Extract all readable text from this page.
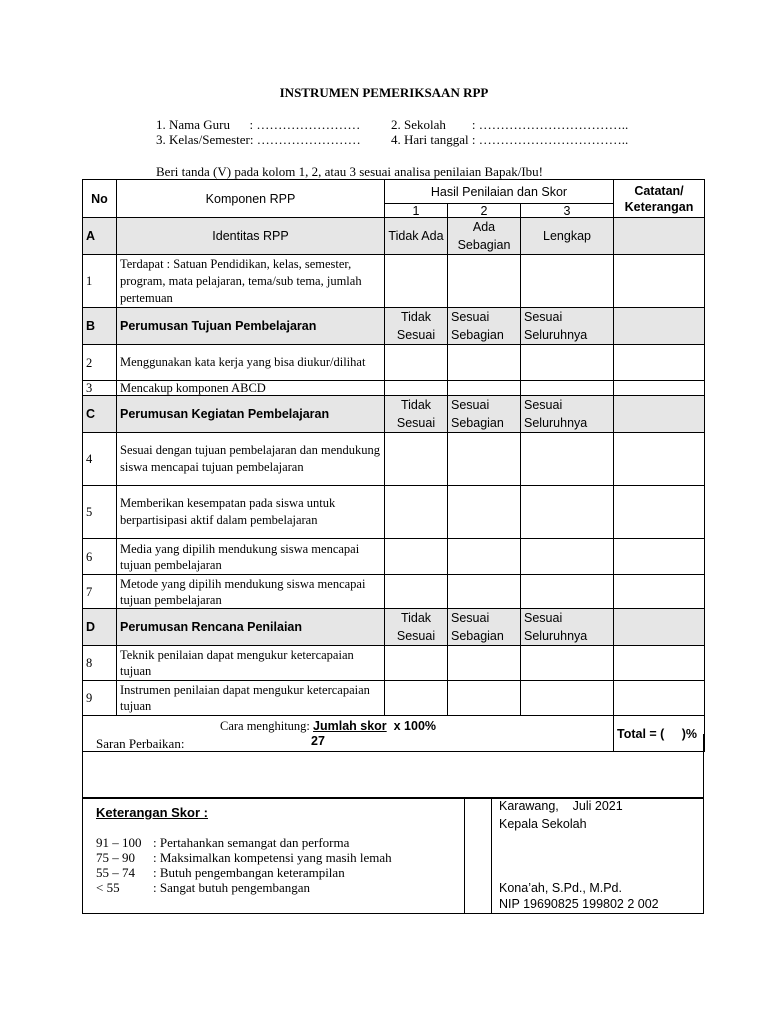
INSTRUMEN PEMERIKSAAN RPP
1. Nama Guru      : …………………… 2. Sekolah        : ……………………………..
3. Kelas/Semester: …………………… 4. Hari tanggal : ……………………………..
Beri tanda (V) pada kolom 1, 2, atau 3 sesuai analisa penilaian Bapak/Ibu!
No	Komponen RPP	Hasil Penilaian dan Skor			Catatan/ Keterangan
		1	2	3	
A	Identitas RPP	Tidak Ada	Ada Sebagian	Lengkap	
1	Terdapat : Satuan Pendidikan, kelas, semester, program, mata pelajaran, tema/sub tema, jumlah pertemuan				
B	Perumusan Tujuan Pembelajaran	Tidak Sesuai	Sesuai Sebagian	Sesuai Seluruhnya	
2	Menggunakan kata kerja yang bisa diukur/dilihat				
3	Mencakup komponen ABCD				
C	Perumusan Kegiatan Pembelajaran	Tidak Sesuai	Sesuai Sebagian	Sesuai Seluruhnya	
4	Sesuai dengan tujuan pembelajaran dan mendukung siswa mencapai tujuan pembelajaran				
5	Memberikan kesempatan pada siswa untuk berpartisipasi aktif dalam pembelajaran				
6	Media yang dipilih mendukung siswa mencapai tujuan pembelajaran				
7	Metode yang dipilih mendukung siswa mencapai tujuan pembelajaran				
D	Perumusan Rencana Penilaian	Tidak Sesuai	Sesuai Sebagian	Sesuai Seluruhnya	
8	Teknik penilaian dapat mengukur ketercapaian tujuan				
9	Instrumen penilaian dapat mengukur ketercapaian tujuan				

Cara menghitung: Jumlah skor  x 100%
27					Total = (     )%
Saran Perbaikan:
Keterangan Skor :
91 – 100 : Pertahankan semangat dan performa
75 – 90 : Maksimalkan kompetensi yang masih lemah
55 – 74 : Butuh pengembangan keterampilan
< 55	: Sangat butuh pengembangan
Karawang,    Juli 2021
Kepala Sekolah
Kona’ah, S.Pd., M.Pd.
NIP 19690825 199802 2 002
